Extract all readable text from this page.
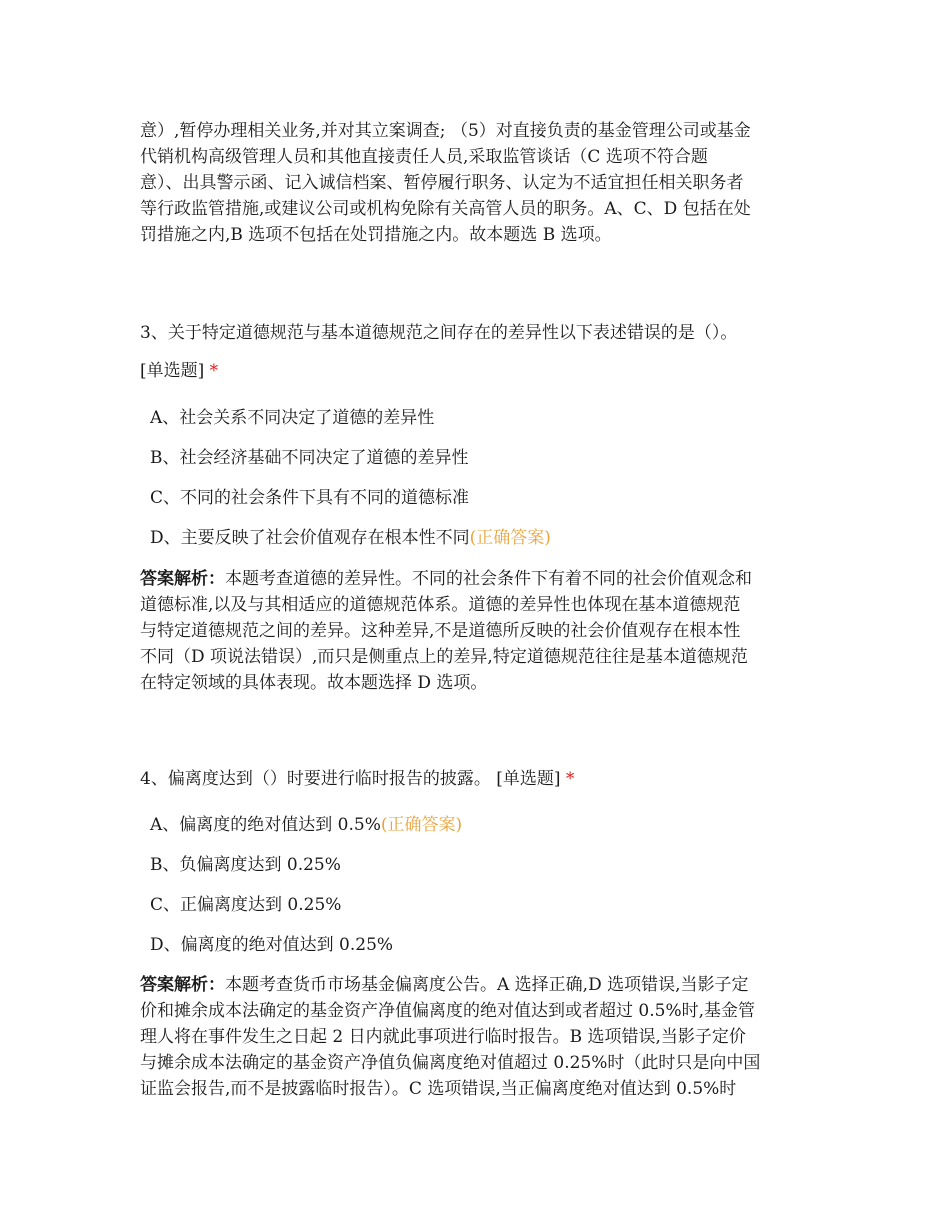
意）,暂停办理相关业务,并对其立案调查; （5）对直接负责的基金管理公司或基金
代销机构高级管理人员和其他直接责任人员,采取监管谈话（C 选项不符合题
意）、出具警示函、记入诚信档案、暂停履行职务、认定为不适宜担任相关职务者
等行政监管措施,或建议公司或机构免除有关高管人员的职务。A、C、D 包括在处
罚措施之内,B 选项不包括在处罚措施之内。故本题选 B 选项。
3、关于特定道德规范与基本道德规范之间存在的差异性以下表述错误的是（）。
[单选题] *
A、社会关系不同决定了道德的差异性
B、社会经济基础不同决定了道德的差异性
C、不同的社会条件下具有不同的道德标准
D、主要反映了社会价值观存在根本性不同(正确答案)
答案解析：本题考查道德的差异性。不同的社会条件下有着不同的社会价值观念和
道德标准,以及与其相适应的道德规范体系。道德的差异性也体现在基本道德规范
与特定道德规范之间的差异。这种差异,不是道德所反映的社会价值观存在根本性
不同（D 项说法错误）,而只是侧重点上的差异,特定道德规范往往是基本道德规范
在特定领域的具体表现。故本题选择 D 选项。
4、偏离度达到（）时要进行临时报告的披露。 [单选题] *
A、偏离度的绝对值达到 0.5%(正确答案)
B、负偏离度达到 0.25%
C、正偏离度达到 0.25%
D、偏离度的绝对值达到 0.25%
答案解析：本题考查货币市场基金偏离度公告。A 选择正确,D 选项错误,当影子定
价和摊余成本法确定的基金资产净值偏离度的绝对值达到或者超过 0.5%时,基金管
理人将在事件发生之日起 2 日内就此事项进行临时报告。B 选项错误,当影子定价
与摊余成本法确定的基金资产净值负偏离度绝对值超过 0.25%时（此时只是向中国
证监会报告,而不是披露临时报告）。C 选项错误,当正偏离度绝对值达到 0.5%时
